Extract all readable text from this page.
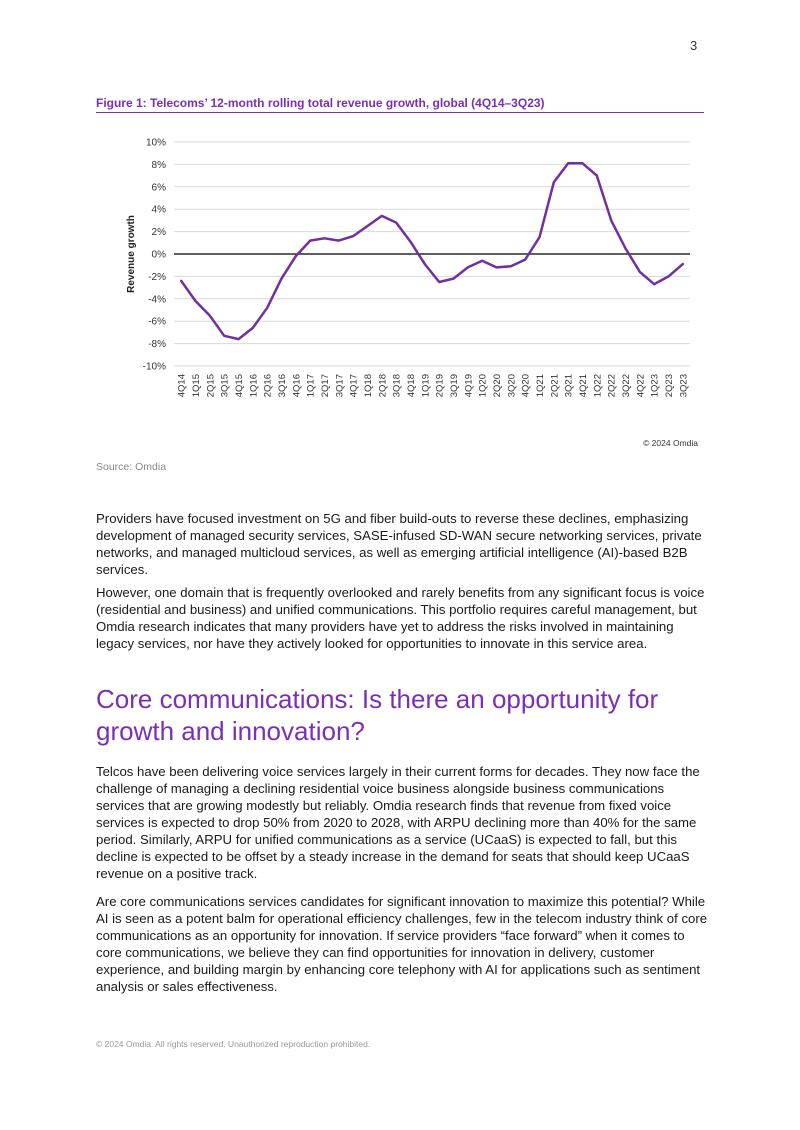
3
Figure 1: Telecoms’ 12-month rolling total revenue growth, global (4Q14–3Q23)
10%
8%
6%
4%
2%
0%
-2%
-4%
-6%
-8%
-10%
Revenue growth
4Q14 1Q15 2Q15 3Q15 4Q15 1Q16 2Q16 3Q16 4Q16 1Q17 2Q17 3Q17 4Q17 1Q18 2Q18 3Q18 4Q18 1Q19 2Q19 3Q19 4Q19 1Q20 2Q20 3Q20 4Q20 1Q21 2Q21 3Q21 4Q21 1Q22 2Q22 3Q22 4Q22 1Q23 2Q23 3Q23
© 2024 Omdia
Source: Omdia

Providers have focused investment on 5G and fiber build-outs to reverse these declines, emphasizing development of managed security services, SASE-infused SD-WAN secure networking services, private networks, and managed multicloud services, as well as emerging artificial intelligence (AI)-based B2B services.

However, one domain that is frequently overlooked and rarely benefits from any significant focus is voice (residential and business) and unified communications. This portfolio requires careful management, but Omdia research indicates that many providers have yet to address the risks involved in maintaining legacy services, nor have they actively looked for opportunities to innovate in this service area.

Core communications: Is there an opportunity for growth and innovation?

Telcos have been delivering voice services largely in their current forms for decades. They now face the challenge of managing a declining residential voice business alongside business communications services that are growing modestly but reliably. Omdia research finds that revenue from fixed voice services is expected to drop 50% from 2020 to 2028, with ARPU declining more than 40% for the same period. Similarly, ARPU for unified communications as a service (UCaaS) is expected to fall, but this decline is expected to be offset by a steady increase in the demand for seats that should keep UCaaS revenue on a positive track.

Are core communications services candidates for significant innovation to maximize this potential? While AI is seen as a potent balm for operational efficiency challenges, few in the telecom industry think of core communications as an opportunity for innovation. If service providers “face forward” when it comes to core communications, we believe they can find opportunities for innovation in delivery, customer experience, and building margin by enhancing core telephony with AI for applications such as sentiment analysis or sales effectiveness.

© 2024 Omdia. All rights reserved. Unauthorized reproduction prohibited.
